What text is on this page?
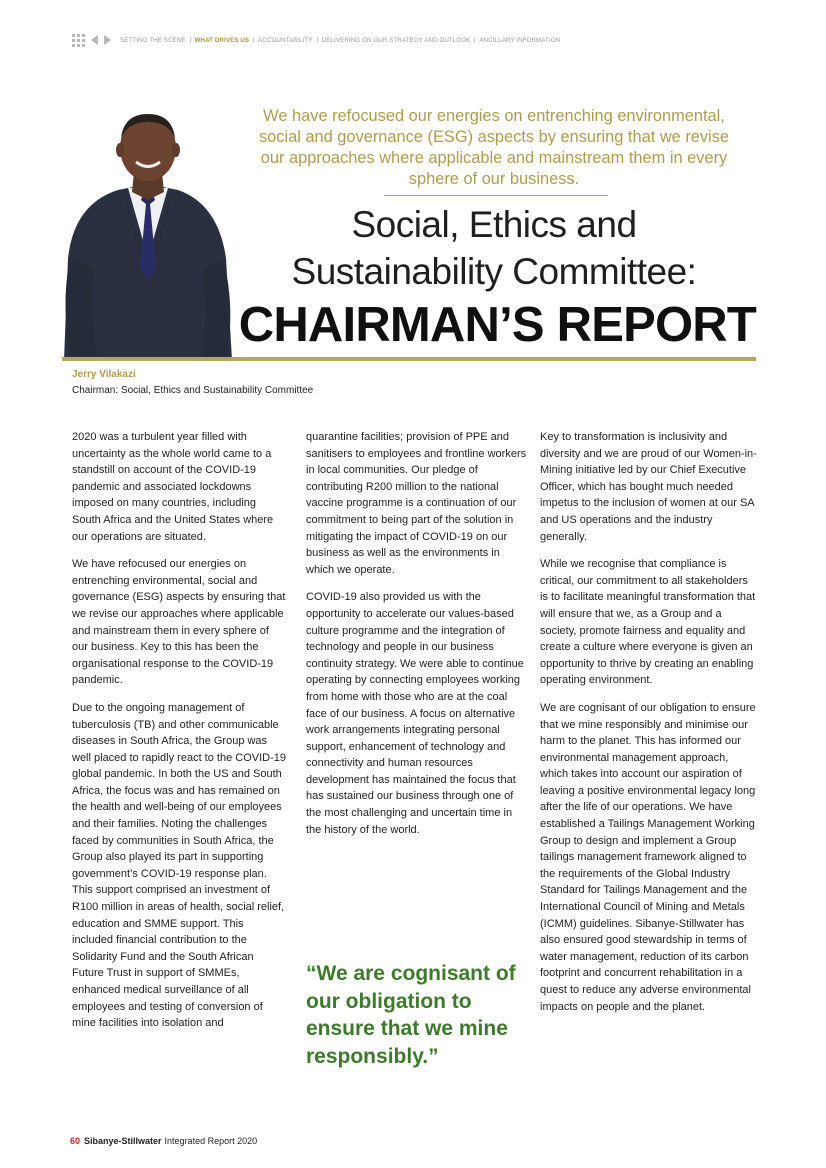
SETTING THE SCENE WHAT DRIVES US ACCOUNTABILITY DELIVERING ON OUR STRATEGY AND OUTLOOK ANCILLARY INFORMATION
We have refocused our energies on entrenching environmental, social and governance (ESG) aspects by ensuring that we revise our approaches where applicable and mainstream them in every sphere of our business.
Social, Ethics and
Sustainability Committee:
CHAIRMAN’S REPORT
Jerry Vilakazi
Chairman: Social, Ethics and Sustainability Committee

2020 was a turbulent year filled with uncertainty as the whole world came to a standstill on account of the COVID-19 pandemic and associated lockdowns imposed on many countries, including South Africa and the United States where our operations are situated.

We have refocused our energies on entrenching environmental, social and governance (ESG) aspects by ensuring that we revise our approaches where applicable and mainstream them in every sphere of our business. Key to this has been the organisational response to the COVID-19 pandemic.

Due to the ongoing management of tuberculosis (TB) and other communicable diseases in South Africa, the Group was well placed to rapidly react to the COVID-19 global pandemic. In both the US and South Africa, the focus was and has remained on the health and well-being of our employees and their families. Noting the challenges faced by communities in South Africa, the Group also played its part in supporting government’s COVID-19 response plan. This support comprised an investment of R100 million in areas of health, social relief, education and SMME support. This included financial contribution to the Solidarity Fund and the South African Future Trust in support of SMMEs, enhanced medical surveillance of all employees and testing of conversion of mine facilities into isolation and

quarantine facilities; provision of PPE and sanitisers to employees and frontline workers in local communities. Our pledge of contributing R200 million to the national vaccine programme is a continuation of our commitment to being part of the solution in mitigating the impact of COVID-19 on our business as well as the environments in which we operate.

COVID-19 also provided us with the opportunity to accelerate our values-based culture programme and the integration of technology and people in our business continuity strategy. We were able to continue operating by connecting employees working from home with those who are at the coal face of our business. A focus on alternative work arrangements integrating personal support, enhancement of technology and connectivity and human resources development has maintained the focus that has sustained our business through one of the most challenging and uncertain time in the history of the world.

“We are cognisant of our obligation to ensure that we mine responsibly.”

Key to transformation is inclusivity and diversity and we are proud of our Women-in-Mining initiative led by our Chief Executive Officer, which has bought much needed impetus to the inclusion of women at our SA and US operations and the industry generally.

While we recognise that compliance is critical, our commitment to all stakeholders is to facilitate meaningful transformation that will ensure that we, as a Group and a society, promote fairness and equality and create a culture where everyone is given an opportunity to thrive by creating an enabling operating environment.

We are cognisant of our obligation to ensure that we mine responsibly and minimise our harm to the planet. This has informed our environmental management approach, which takes into account our aspiration of leaving a positive environmental legacy long after the life of our operations. We have established a Tailings Management Working Group to design and implement a Group tailings management framework aligned to the requirements of the Global Industry Standard for Tailings Management and the International Council of Mining and Metals (ICMM) guidelines. Sibanye-Stillwater has also ensured good stewardship in terms of water management, reduction of its carbon footprint and concurrent rehabilitation in a quest to reduce any adverse environmental impacts on people and the planet.

60 Sibanye-Stillwater Integrated Report 2020
